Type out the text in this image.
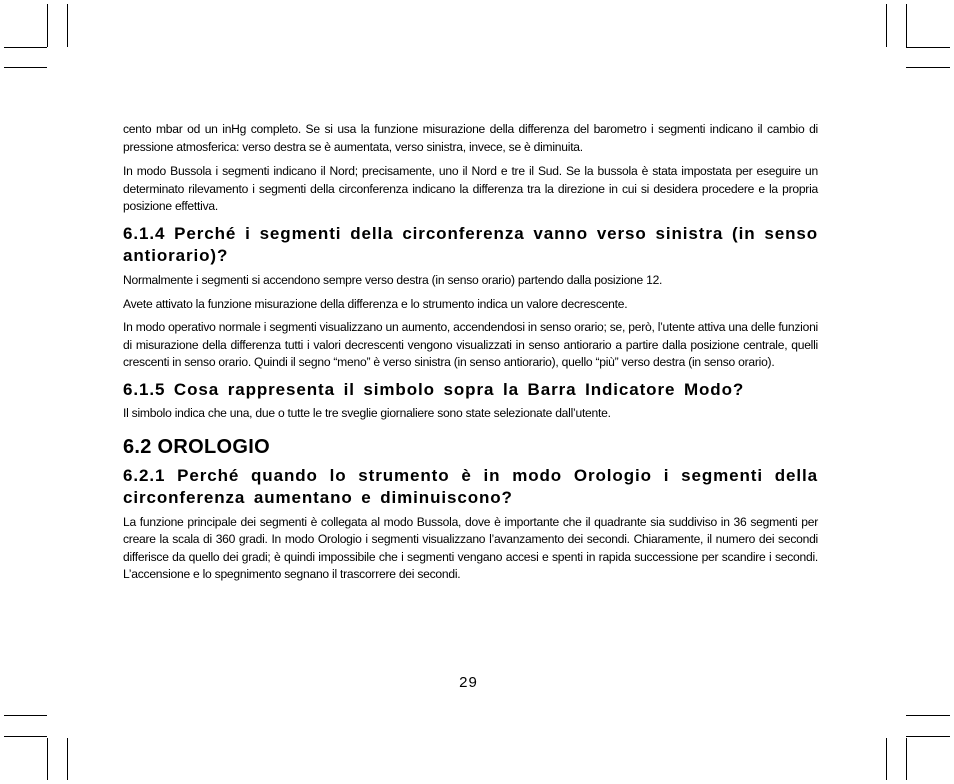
cento mbar od un inHg completo. Se si usa la funzione misurazione della differenza del barometro i segmenti indicano il cambio di pressione atmosferica: verso destra se è aumentata, verso sinistra, invece, se è diminuita.

In modo Bussola i segmenti indicano il Nord; precisamente, uno il Nord e tre il Sud. Se la bussola è stata impostata per eseguire un determinato rilevamento i segmenti della circonferenza indicano la differenza tra la direzione in cui si desidera procedere e la propria posizione effettiva.

6.1.4 Perché i segmenti della circonferenza vanno verso sinistra (in senso antiorario)?

Normalmente i segmenti si accendono sempre verso destra (in senso orario) partendo dalla posizione 12.

Avete attivato la funzione misurazione della differenza e lo strumento indica un valore decrescente.

In modo operativo normale i segmenti visualizzano un aumento, accendendosi in senso orario; se, però, l’utente attiva una delle funzioni di misurazione della differenza tutti i valori decrescenti vengono visualizzati in senso antiorario a partire dalla posizione centrale, quelli crescenti in senso orario. Quindi il segno “meno” è verso sinistra (in senso antiorario), quello “più” verso destra (in senso orario).

6.1.5 Cosa rappresenta il simbolo sopra la Barra Indicatore Modo?

Il simbolo indica che una, due o tutte le tre sveglie giornaliere sono state selezionate dall’utente.

6.2 OROLOGIO
6.2.1 Perché quando lo strumento è in modo Orologio i segmenti della circonferenza aumentano e diminuiscono?

La funzione principale dei segmenti è collegata al modo Bussola, dove è importante che il quadrante sia suddiviso in 36 segmenti per creare la scala di 360 gradi. In modo Orologio i segmenti visualizzano l’avanzamento dei secondi. Chiaramente, il numero dei secondi differisce da quello dei gradi; è quindi impossibile che i segmenti vengano accesi e spenti in rapida successione per scandire i secondi. L’accensione e lo spegnimento segnano il trascorrere dei secondi.

29
